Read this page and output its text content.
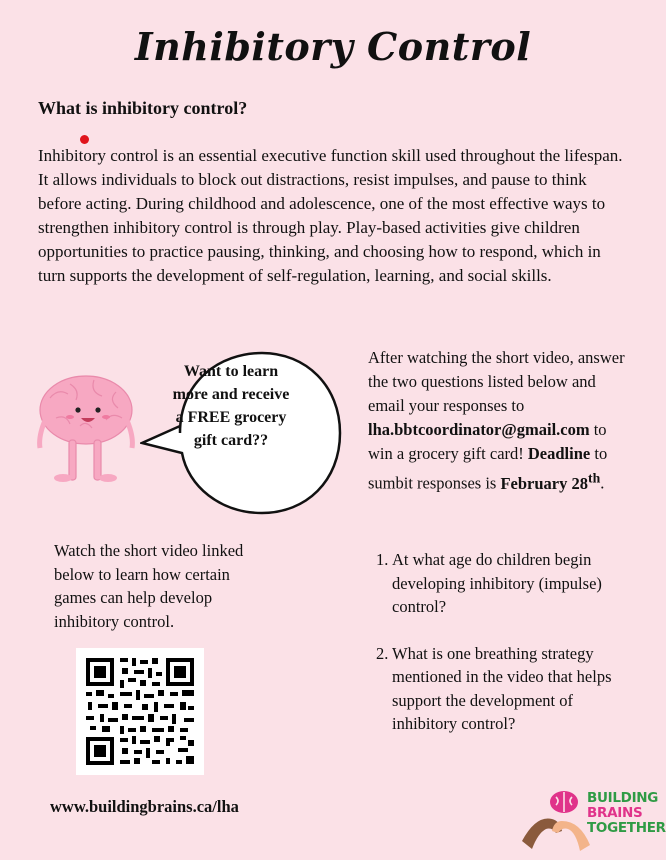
Inhibitory Control
What is inhibitory control?

Inhibitory control is an essential executive function skill used throughout the lifespan. It allows individuals to block out distractions, resist impulses, and pause to think before acting. During childhood and adolescence, one of the most effective ways to strengthen inhibitory control is through play. Play-based activities give children opportunities to practice pausing, thinking, and choosing how to respond, which in turn supports the development of self-regulation, learning, and social skills.

Want to learn more and receive a FREE grocery gift card??
After watching the short video, answer the two questions listed below and email your responses to lha.bbtcoordinator@gmail.com to win a grocery gift card! Deadline to sumbit responses is February 28th.
1. At what age do children begin developing inhibitory (impulse) control?
2. What is one breathing strategy mentioned in the video that helps support the development of inhibitory control?
Watch the short video linked below to learn how certain games can help develop inhibitory control.
www.buildingbrains.ca/lha	BUILDING
BRAINS
TOGETHER
